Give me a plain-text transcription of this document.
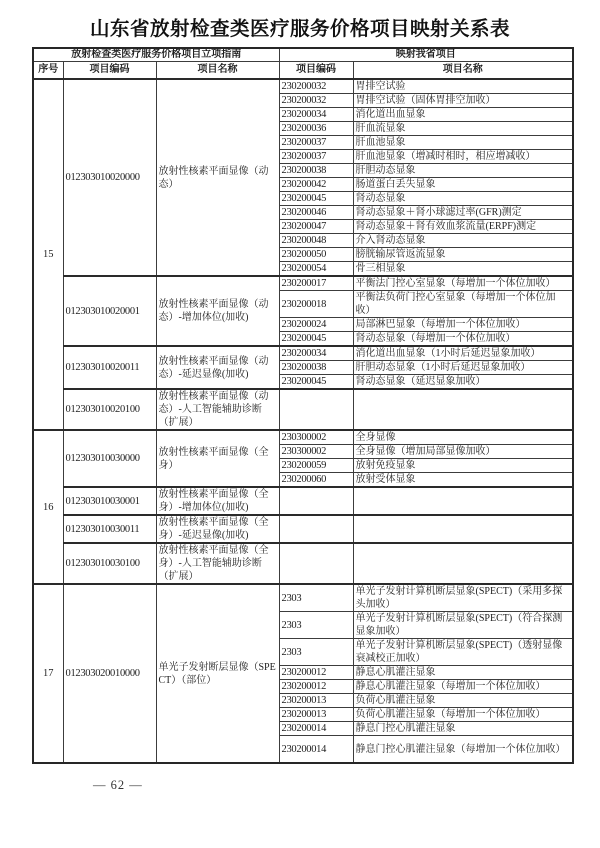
山东省放射检查类医疗服务价格项目映射关系表
放射检查类医疗服务价格项目立项指南			映射我省项目	
序号	项目编码	项目名称	项目编码	项目名称
15	012303010020000	放射性核素平面显像（动态）	230200032	胃排空试验
			230200032	胃排空试验（固体胃排空加收）
			230200034	消化道出血显象
			230200036	肝血流显象
			230200037	肝血池显象
			230200037	肝血池显象（增减时相时，相应增减收）
			230200038	肝胆动态显象
			230200042	肠道蛋白丢失显象
			230200045	肾动态显象
			230200046	肾动态显象＋肾小球滤过率(GFR)测定
			230200047	肾动态显象＋肾有效血浆流量(ERPF)测定
			230200048	介入肾动态显象
			230200050	膀胱输尿管返流显象
			230200054	骨三相显象
	012303010020001	放射性核素平面显像（动态）-增加体位(加收)	230200017	平衡法门控心室显象（每增加一个体位加收）
			230200018	平衡法负荷门控心室显象（每增加一个体位加收）
			230200024	局部淋巴显象（每增加一个体位加收）
			230200045	肾动态显象（每增加一个体位加收）
	012303010020011	放射性核素平面显像（动态）-延迟显像(加收)	230200034	消化道出血显象（1小时后延迟显象加收）
			230200038	肝胆动态显象（1小时后延迟显象加收）
			230200045	肾动态显象（延迟显象加收）
	012303010020100	放射性核素平面显像（动态）-人工智能辅助诊断（扩展）		
16	012303010030000	放射性核素平面显像（全身）	230300002	全身显像
			230300002	全身显像（增加局部显像加收）
			230200059	放射免疫显象
			230200060	放射受体显象
	012303010030001	放射性核素平面显像（全身）-增加体位(加收)		
	012303010030011	放射性核素平面显像（全身）-延迟显像(加收)		
	012303010030100	放射性核素平面显像（全身）-人工智能辅助诊断（扩展）		
17	012303020010000	单光子发射断层显像（SPECT）（部位）	2303	单光子发射计算机断层显象(SPECT)（采用多探头加收）
			2303	单光子发射计算机断层显象(SPECT)（符合探测显象加收）
			2303	单光子发射计算机断层显象(SPECT)（透射显像衰减校正加收）
			230200012	静息心肌灌注显象
			230200012	静息心肌灌注显象（每增加一个体位加收）
			230200013	负荷心肌灌注显象
			230200013	负荷心肌灌注显象（每增加一个体位加收）
			230200014	静息门控心肌灌注显象
			230200014	静息门控心肌灌注显象（每增加一个体位加收）
— 62 —
